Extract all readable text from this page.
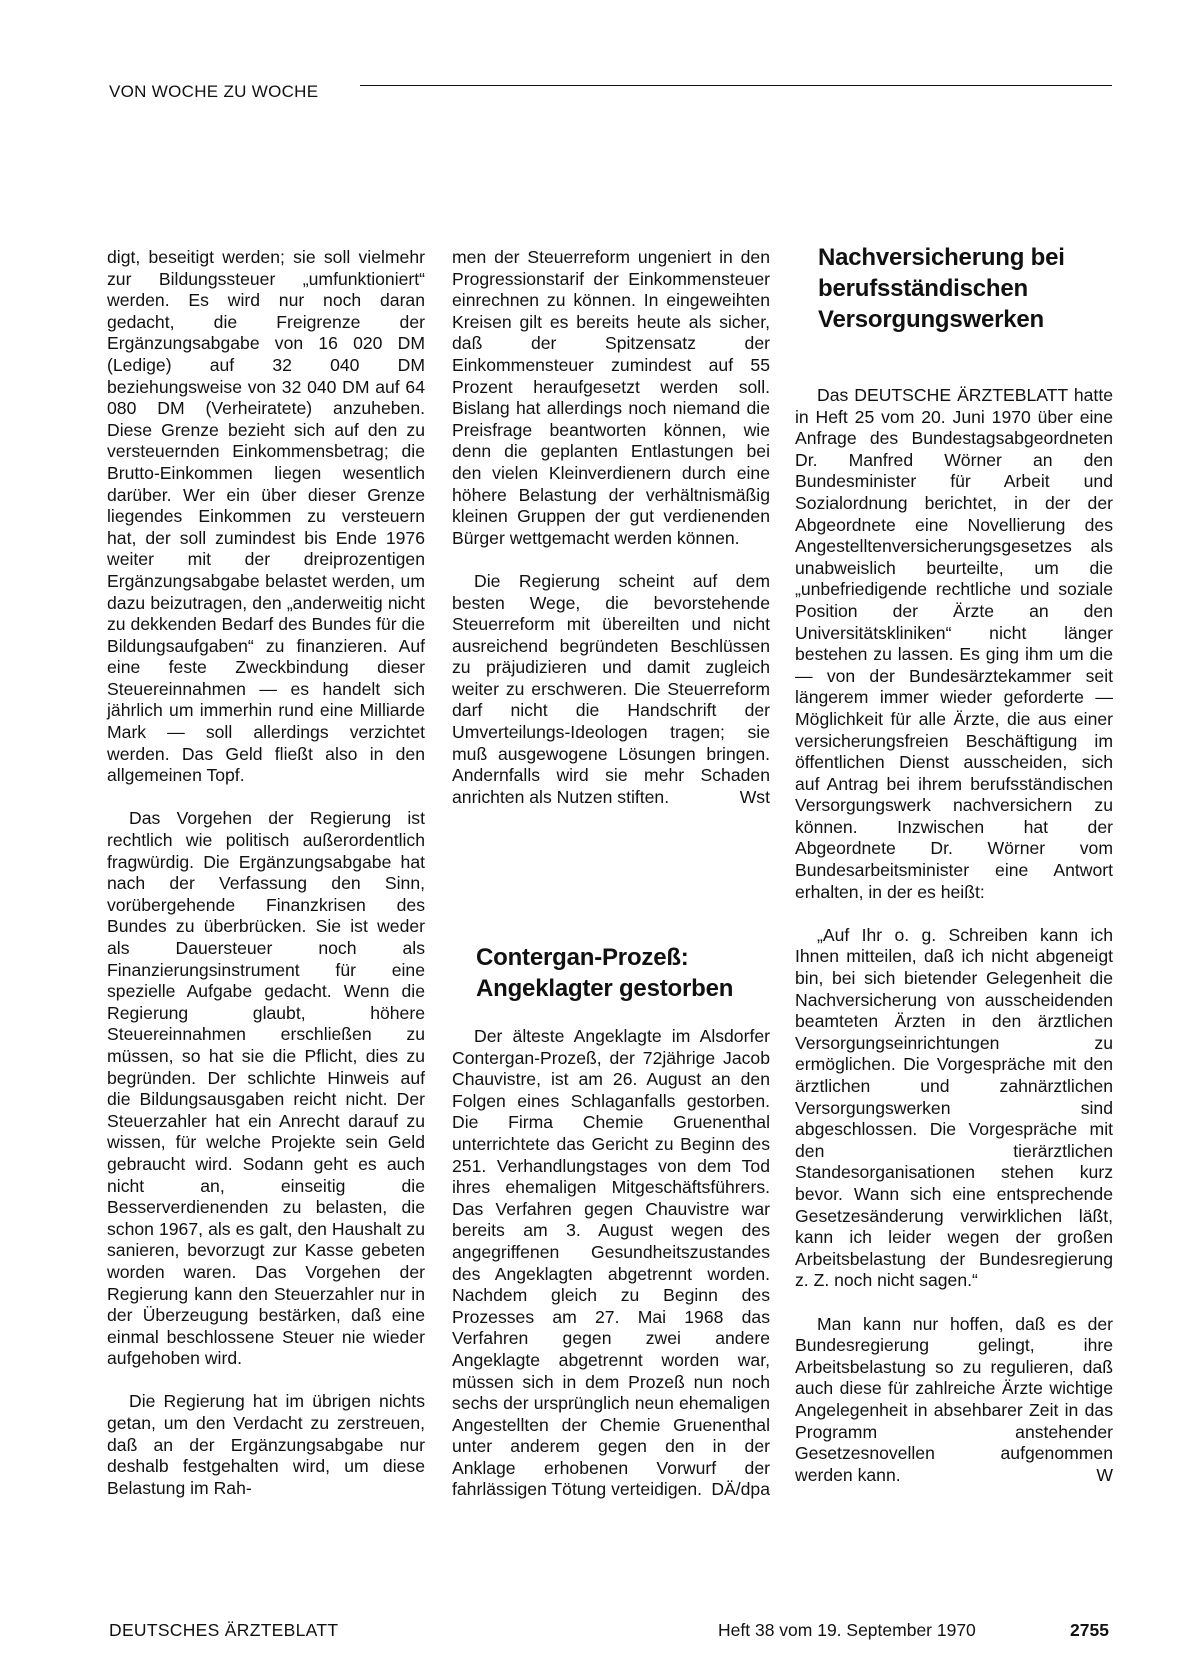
VON WOCHE ZU WOCHE

digt, beseitigt werden; sie soll vielmehr zur Bildungssteuer „umfunktioniert“ werden. Es wird nur noch daran gedacht, die Freigrenze der Ergänzungsabgabe von 16 020 DM (Ledige) auf 32 040 DM beziehungsweise von 32 040 DM auf 64 080 DM (Verheiratete) anzuheben. Diese Grenze bezieht sich auf den zu versteuernden Einkommensbetrag; die Brutto-Einkommen liegen wesentlich darüber. Wer ein über dieser Grenze liegendes Einkommen zu versteuern hat, der soll zumindest bis Ende 1976 weiter mit der dreiprozentigen Ergänzungsabgabe belastet werden, um dazu beizutragen, den „anderweitig nicht zu dekkenden Bedarf des Bundes für die Bildungsaufgaben“ zu finanzieren. Auf eine feste Zweckbindung dieser Steuereinnahmen — es handelt sich jährlich um immerhin rund eine Milliarde Mark — soll allerdings verzichtet werden. Das Geld fließt also in den allgemeinen Topf.

Das Vorgehen der Regierung ist rechtlich wie politisch außerordentlich fragwürdig. Die Ergänzungsabgabe hat nach der Verfassung den Sinn, vorübergehende Finanzkrisen des Bundes zu überbrücken. Sie ist weder als Dauersteuer noch als Finanzierungsinstrument für eine spezielle Aufgabe gedacht. Wenn die Regierung glaubt, höhere Steuereinnahmen erschließen zu müssen, so hat sie die Pflicht, dies zu begründen. Der schlichte Hinweis auf die Bildungsausgaben reicht nicht. Der Steuerzahler hat ein Anrecht darauf zu wissen, für welche Projekte sein Geld gebraucht wird. Sodann geht es auch nicht an, einseitig die Besserverdienenden zu belasten, die schon 1967, als es galt, den Haushalt zu sanieren, bevorzugt zur Kasse gebeten worden waren. Das Vorgehen der Regierung kann den Steuerzahler nur in der Überzeugung bestärken, daß eine einmal beschlossene Steuer nie wieder aufgehoben wird.

Die Regierung hat im übrigen nichts getan, um den Verdacht zu zerstreuen, daß an der Ergänzungsabgabe nur deshalb festgehalten wird, um diese Belastung im Rah-

men der Steuerreform ungeniert in den Progressionstarif der Einkommensteuer einrechnen zu können. In eingeweihten Kreisen gilt es bereits heute als sicher, daß der Spitzensatz der Einkommensteuer zumindest auf 55 Prozent heraufgesetzt werden soll. Bislang hat allerdings noch niemand die Preisfrage beantworten können, wie denn die geplanten Entlastungen bei den vielen Kleinverdienern durch eine höhere Belastung der verhältnismäßig kleinen Gruppen der gut verdienenden Bürger wettgemacht werden können.

Die Regierung scheint auf dem besten Wege, die bevorstehende Steuerreform mit übereilten und nicht ausreichend begründeten Beschlüssen zu präjudizieren und damit zugleich weiter zu erschweren. Die Steuerreform darf nicht die Handschrift der Umverteilungs-Ideologen tragen; sie muß ausgewogene Lösungen bringen. Andernfalls wird sie mehr Schaden anrichten als Nutzen stiften.	Wst

Contergan-Prozeß: Angeklagter gestorben

Der älteste Angeklagte im Alsdorfer Contergan-Prozeß, der 72jährige Jacob Chauvistre, ist am 26. August an den Folgen eines Schlaganfalls gestorben. Die Firma Chemie Gruenenthal unterrichtete das Gericht zu Beginn des 251. Verhandlungstages von dem Tod ihres ehemaligen Mitgeschäftsführers. Das Verfahren gegen Chauvistre war bereits am 3. August wegen des angegriffenen Gesundheitszustandes des Angeklagten abgetrennt worden. Nachdem gleich zu Beginn des Prozesses am 27. Mai 1968 das Verfahren gegen zwei andere Angeklagte abgetrennt worden war, müssen sich in dem Prozeß nun noch sechs der ursprünglich neun ehemaligen Angestellten der Chemie Gruenenthal unter anderem gegen den in der Anklage erhobenen Vorwurf der fahrlässigen Tötung verteidigen. DÄ/dpa

Nachversicherung bei berufsständischen Versorgungswerken

Das DEUTSCHE ÄRZTEBLATT hatte in Heft 25 vom 20. Juni 1970 über eine Anfrage des Bundestagsabgeordneten Dr. Manfred Wörner an den Bundesminister für Arbeit und Sozialordnung berichtet, in der der Abgeordnete eine Novellierung des Angestelltenversicherungsgesetzes als unabweislich beurteilte, um die „unbefriedigende rechtliche und soziale Position der Ärzte an den Universitätskliniken“ nicht länger bestehen zu lassen. Es ging ihm um die — von der Bundesärztekammer seit längerem immer wieder geforderte — Möglichkeit für alle Ärzte, die aus einer versicherungsfreien Beschäftigung im öffentlichen Dienst ausscheiden, sich auf Antrag bei ihrem berufsständischen Versorgungswerk nachversichern zu können. Inzwischen hat der Abgeordnete Dr. Wörner vom Bundesarbeitsminister eine Antwort erhalten, in der es heißt:

„Auf Ihr o. g. Schreiben kann ich Ihnen mitteilen, daß ich nicht abgeneigt bin, bei sich bietender Gelegenheit die Nachversicherung von ausscheidenden beamteten Ärzten in den ärztlichen Versorgungseinrichtungen zu ermöglichen. Die Vorgespräche mit den ärztlichen und zahnärztlichen Versorgungswerken sind abgeschlossen. Die Vorgespräche mit den tierärztlichen Standesorganisationen stehen kurz bevor. Wann sich eine entsprechende Gesetzesänderung verwirklichen läßt, kann ich leider wegen der großen Arbeitsbelastung der Bundesregierung z. Z. noch nicht sagen.“

Man kann nur hoffen, daß es der Bundesregierung gelingt, ihre Arbeitsbelastung so zu regulieren, daß auch diese für zahlreiche Ärzte wichtige Angelegenheit in absehbarer Zeit in das Programm anstehender Gesetzesnovellen aufgenommen werden kann.	W

DEUTSCHES ÄRZTEBLATT	Heft 38 vom 19. September 1970	2755
